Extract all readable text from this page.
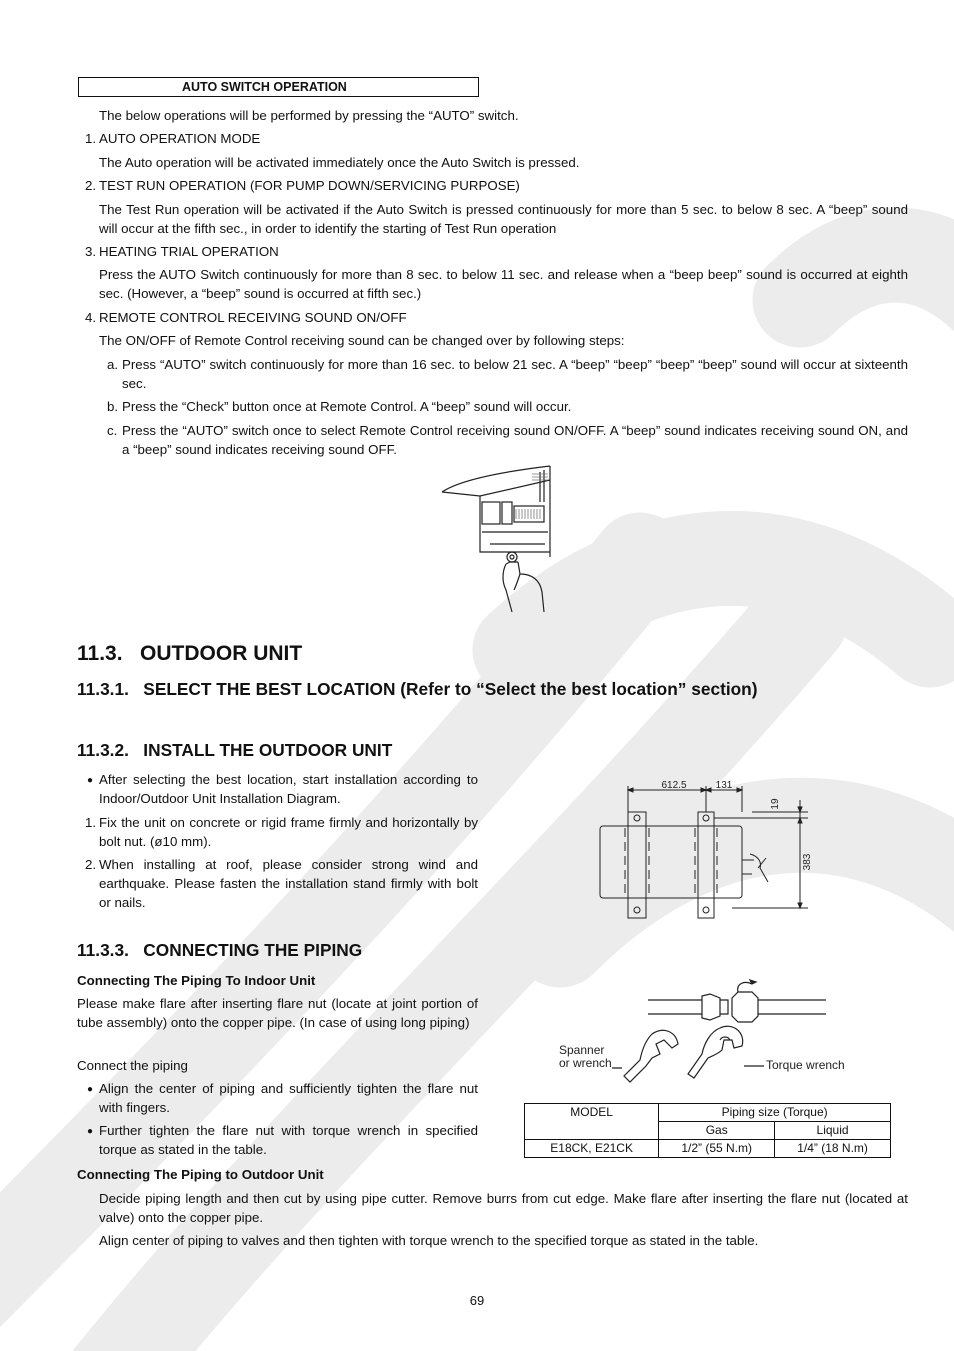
AUTO SWITCH OPERATION

The below operations will be performed by pressing the “AUTO” switch.

1. AUTO OPERATION MODE

The Auto operation will be activated immediately once the Auto Switch is pressed.

2. TEST RUN OPERATION (FOR PUMP DOWN/SERVICING PURPOSE)

The Test Run operation will be activated if the Auto Switch is pressed continuously for more than 5 sec. to below 8 sec. A “beep” sound will occur at the fifth sec., in order to identify the starting of Test Run operation

3. HEATING TRIAL OPERATION

Press the AUTO Switch continuously for more than 8 sec. to below 11 sec. and release when a “beep beep” sound is occurred at eighth sec. (However, a “beep” sound is occurred at fifth sec.)

4. REMOTE CONTROL RECEIVING SOUND ON/OFF

The ON/OFF of Remote Control receiving sound can be changed over by following steps:

a. Press “AUTO” switch continuously for more than 16 sec. to below 21 sec. A “beep” “beep” “beep” “beep” sound will occur at sixteenth sec.

b. Press the “Check” button once at Remote Control. A “beep” sound will occur.

c. Press the “AUTO” switch once to select Remote Control receiving sound ON/OFF. A “beep” sound indicates receiving sound ON, and a “beep” sound indicates receiving sound OFF.

11.3.   OUTDOOR UNIT
11.3.1.   SELECT THE BEST LOCATION (Refer to “Select the best location” section)
11.3.2.   INSTALL THE OUTDOOR UNIT
● After selecting the best location, start installation according to Indoor/Outdoor Unit Installation Diagram.

1. Fix the unit on concrete or rigid frame firmly and horizontally by bolt nut. (ø10 mm).

2. When installing at roof, please consider strong wind and earthquake. Please fasten the installation stand firmly with bolt or nails.

612.5	131
19
383
11.3.3.   CONNECTING THE PIPING

Connecting The Piping To Indoor Unit

Please make flare after inserting flare nut (locate at joint portion of tube assembly) onto the copper pipe. (In case of using long piping)

Connect the piping

● Align the center of piping and sufficiently tighten the flare nut with fingers.

● Further tighten the flare nut with torque wrench in specified torque as stated in the table.

Spanner
or wrench	Torque wrench
MODEL	Piping size (Torque)	
	Gas	Liquid
E18CK, E21CK	1/2” (55 N.m)	1/4” (18 N.m)

Connecting The Piping to Outdoor Unit

Decide piping length and then cut by using pipe cutter. Remove burrs from cut edge. Make flare after inserting the flare nut (located at valve) onto the copper pipe.

Align center of piping to valves and then tighten with torque wrench to the specified torque as stated in the table.

69
